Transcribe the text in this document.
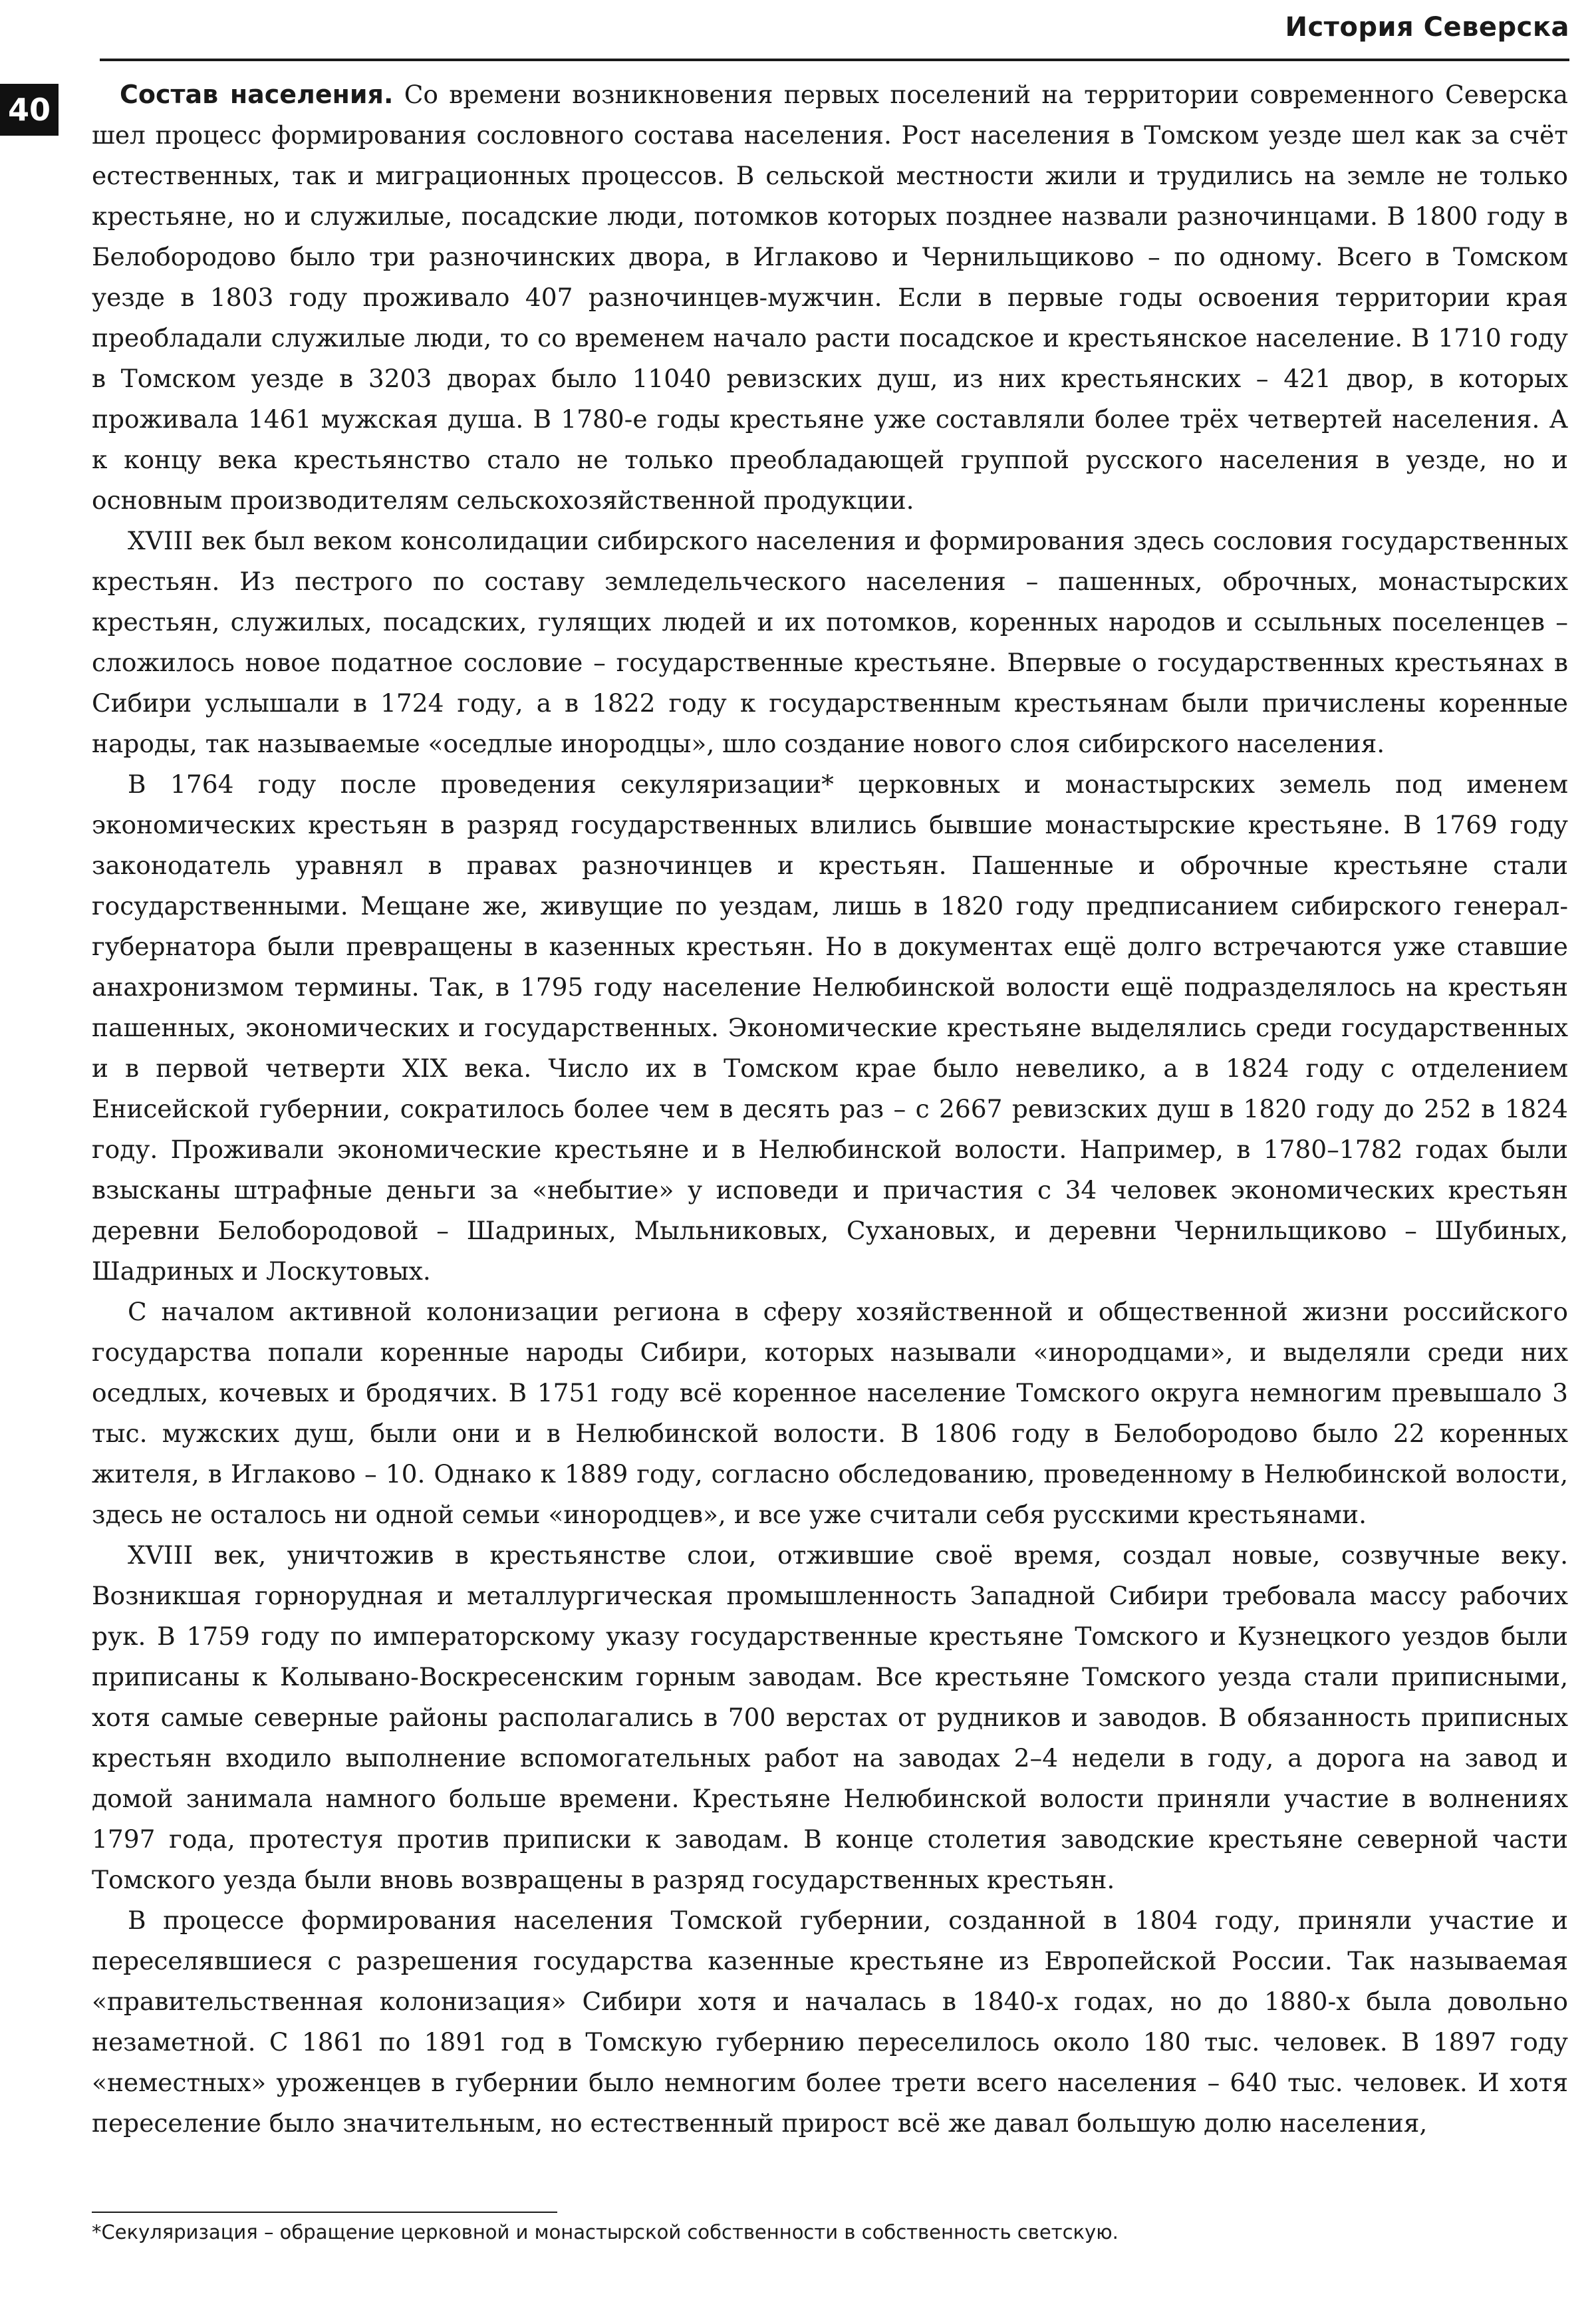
История Северска
40	Состав населения. Со времени возникновения первых поселений на территории современного Северска шел процесс формирования сословного состава населения. Рост населения в Томском уезде шел как за счёт естественных, так и миграционных процессов. В сельской местности жили и трудились на земле не только крестьяне, но и служилые, посадские люди, потомков которых позднее назвали разночинцами. В 1800 году в Белобородово было три разночинских двора, в Иглаково и Чернильщиково – по одному. Всего в Томском уезде в 1803 году проживало 407 разночинцев-мужчин. Если в первые годы освоения территории края преобладали служилые люди, то со временем начало расти посадское и крестьянское население. В 1710 году в Томском уезде в 3203 дворах было 11040 ревизских душ, из них крестьянских – 421 двор, в которых проживала 1461 мужская душа. В 1780-е годы крестьяне уже составляли более трёх четвертей населения. А к концу века крестьянство стало не только преобладающей группой русского населения в уезде, но и основным производителям сельскохозяйственной продукции.

XVIII век был веком консолидации сибирского населения и формирования здесь сословия государственных крестьян. Из пестрого по составу земледельческого населения – пашенных, оброчных, монастырских крестьян, служилых, посадских, гулящих людей и их потомков, коренных народов и ссыльных поселенцев – сложилось новое податное сословие – государственные крестьяне. Впервые о государственных крестьянах в Сибири услышали в 1724 году, а в 1822 году к государственным крестьянам были причислены коренные народы, так называемые «оседлые инородцы», шло создание нового слоя сибирского населения.

В 1764 году после проведения секуляризации* церковных и монастырских земель под именем экономических крестьян в разряд государственных влились бывшие монастырские крестьяне. В 1769 году законодатель уравнял в правах разночинцев и крестьян. Пашенные и оброчные крестьяне стали государственными. Мещане же, живущие по уездам, лишь в 1820 году предписанием сибирского генерал-губернатора были превращены в казенных крестьян. Но в документах ещё долго встречаются уже ставшие анахронизмом термины. Так, в 1795 году население Нелюбинской волости ещё подразделялось на крестьян пашенных, экономических и государственных. Экономические крестьяне выделялись среди государственных и в первой четверти XIX века. Число их в Томском крае было невелико, а в 1824 году с отделением Енисейской губернии, сократилось более чем в десять раз – с 2667 ревизских душ в 1820 году до 252 в 1824 году. Проживали экономические крестьяне и в Нелюбинской волости. Например, в 1780–1782 годах были взысканы штрафные деньги за «небытие» у исповеди и причастия с 34 человек экономических крестьян деревни Белобородовой – Шадриных, Мыльниковых, Сухановых, и деревни Чернильщиково – Шубиных, Шадриных и Лоскутовых.

С началом активной колонизации региона в сферу хозяйственной и общественной жизни российского государства попали коренные народы Сибири, которых называли «инородцами», и выделяли среди них оседлых, кочевых и бродячих. В 1751 году всё коренное население Томского округа немногим превышало 3 тыс. мужских душ, были они и в Нелюбинской волости. В 1806 году в Белобородово было 22 коренных жителя, в Иглаково – 10. Однако к 1889 году, согласно обследованию, проведенному в Нелюбинской волости, здесь не осталось ни одной семьи «инородцев», и все уже считали себя русскими крестьянами.

XVIII век, уничтожив в крестьянстве слои, отжившие своё время, создал новые, созвучные веку. Возникшая горнорудная и металлургическая промышленность Западной Сибири требовала массу рабочих рук. В 1759 году по императорскому указу государственные крестьяне Томского и Кузнецкого уездов были приписаны к Колывано-Воскресенским горным заводам. Все крестьяне Томского уезда стали приписными, хотя самые северные районы располагались в 700 верстах от рудников и заводов. В обязанность приписных крестьян входило выполнение вспомогательных работ на заводах 2–4 недели в году, а дорога на завод и домой занимала намного больше времени. Крестьяне Нелюбинской волости приняли участие в волнениях 1797 года, протестуя против приписки к заводам. В конце столетия заводские крестьяне северной части Томского уезда были вновь возвращены в разряд государственных крестьян.

В процессе формирования населения Томской губернии, созданной в 1804 году, приняли участие и переселявшиеся с разрешения государства казенные крестьяне из Европейской России. Так называемая «правительственная колонизация» Сибири хотя и началась в 1840-х годах, но до 1880-х была довольно незаметной. С 1861 по 1891 год в Томскую губернию переселилось около 180 тыс. человек. В 1897 году «неместных» уроженцев в губернии было немногим более трети всего населения – 640 тыс. человек. И хотя переселение было значительным, но естественный прирост всё же давал большую долю населения,

*Секуляризация – обращение церковной и монастырской собственности в собственность светскую.
